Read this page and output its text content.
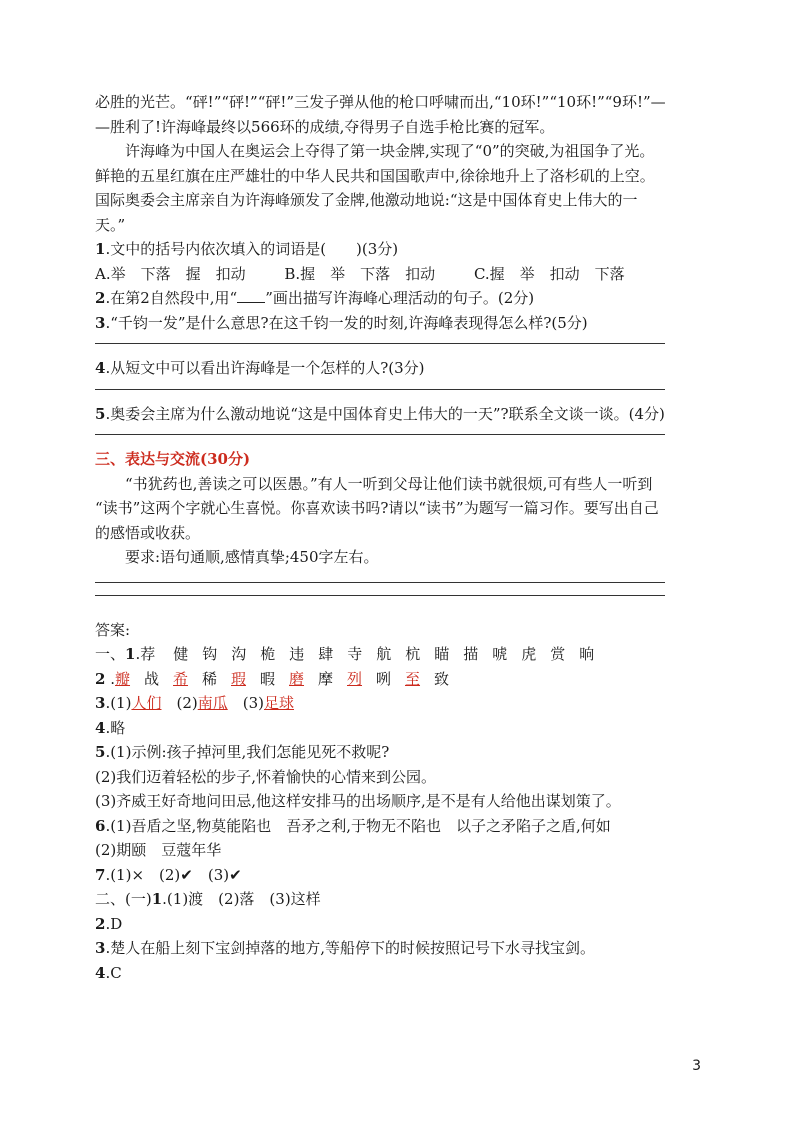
必胜的光芒。“砰!”“砰!”“砰!”三发子弹从他的枪口呼啸而出,“10环!”“10环!”“9环!”—
—胜利了!许海峰最终以566环的成绩,夺得男子自选手枪比赛的冠军。
许海峰为中国人在奥运会上夺得了第一块金牌,实现了“0”的突破,为祖国争了光。
鲜艳的五星红旗在庄严雄壮的中华人民共和国国歌声中,徐徐地升上了洛杉矶的上空。
国际奥委会主席亲自为许海峰颁发了金牌,他激动地说:“这是中国体育史上伟大的一
天。”
1.文中的括号内依次填入的词语是(　　)(3分)
A.举　下落　握　扣动	B.握　举　下落　扣动	C.握　举　扣动　下落
2.在第2自然段中,用“ ”画出描写许海峰心理活动的句子。(2分)
3.“千钧一发”是什么意思?在这千钧一发的时刻,许海峰表现得怎么样?(5分)
4.从短文中可以看出许海峰是一个怎样的人?(3分)
5.奥委会主席为什么激动地说“这是中国体育史上伟大的一天”?联系全文谈一谈。(4分)
三、表达与交流(30分)
“书犹药也,善读之可以医愚。”有人一听到父母让他们读书就很烦,可有些人一听到
“读书”这两个字就心生喜悦。你喜欢读书吗?请以“读书”为题写一篇习作。要写出自己
的感悟或收获。
要求:语句通顺,感情真挚;450字左右。
答案:
一、1.荐 健 钩 沟 桅 违 肆 寺 航 杭 瞄 描 唬 虎 赏 晌
2 .瓣 战 希 稀 瑕 暇 磨 摩 列 咧 至 致
3.(1)人们　(2)南瓜　(3)足球
4.略
5.(1)示例:孩子掉河里,我们怎能见死不救呢?
(2)我们迈着轻松的步子,怀着愉快的心情来到公园。
(3)齐威王好奇地问田忌,他这样安排马的出场顺序,是不是有人给他出谋划策了。
6.(1)吾盾之坚,物莫能陷也　吾矛之利,于物无不陷也　以子之矛陷子之盾,何如
(2)期颐　豆蔻年华
7.(1)×　(2)✔　(3)✔
二、(一)1.(1)渡　(2)落　(3)这样
2.D
3.楚人在船上刻下宝剑掉落的地方,等船停下的时候按照记号下水寻找宝剑。
4.C
3
